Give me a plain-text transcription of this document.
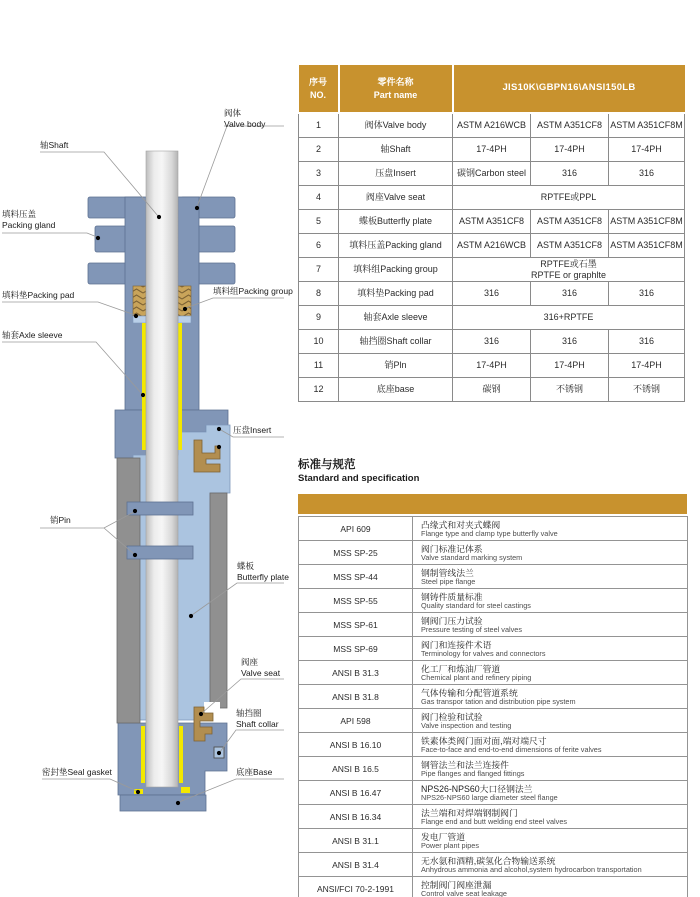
阀体
Valve body
轴Shaft
填料压盖
Packing gland
填料垫Packing pad	填料组Packing group
轴套Axle sleeve
压盘Insert
销Pin
蝶板
Butterfly plate
阀座
Valve seat
轴挡圈
Shaft collar
密封垫Seal gasket	底座Base
序号
NO.

零件名称
Part name
	JIS10K\GBPN16\ANSI150LB
1	阀体Valve body	ASTM A216WCB	ASTM A351CF8	ASTM A351CF8M
2	轴Shaft	17-4PH	17-4PH	17-4PH
3	压盘Insert	碳钢Carbon steel	316	316
4	阀座Valve seat	RPTFE或PPL		

5	蝶板Butterfly plate	ASTM A351CF8	ASTM A351CF8	ASTM A351CF8M
6	填料压盖Packing gland	ASTM A216WCB	ASTM A351CF8	ASTM A351CF8M
7	填料组Packing group	RPTFE或石墨
RPTFE or graphlte		

8	填料垫Packing pad	316	316	316
9	轴套Axle sleeve	316+RPTFE		

10	轴挡圈Shaft collar	316	316	316
11	销Pln	17-4PH	17-4PH	17-4PH
12	底座base	碳钢	不锈钢	不锈钢
标准与规范
Standard and specification
API 609	凸缘式和对夹式蝶阀
Flange type and clamp type butterfly valve

MSS SP-25	阀门标准记体系
Valve standard marking system

MSS SP-44	钢制管线法兰
Steel pipe flange

MSS SP-55	钢铸件质量标准
Quality standard for steel castings

MSS SP-61	钢阀门压力试验
Pressure testing of steel valves

MSS SP-69	阀门和连接件术语
Terminology for valves and connectors

ANSI B 31.3	化工厂和炼油厂管道
Chemical plant and refinery piping

ANSI B 31.8	气体传输和分配管道系统
Gas transpor tation and distribution pipe system

API 598	阀门检验和试验
Valve inspection and testing

ANSI B 16.10	铁素体类阀门面对面,端对端尺寸
Face-to-face and end-to-end dimensions of ferite valves

ANSI B 16.5	钢管法兰和法兰连接件
Pipe flanges and flanged fittings

ANSI B 16.47	NPS26-NPS60大口径钢法兰
NPS26-NPS60 large diameter steel flange

ANSI B 16.34	法兰端和对焊端钢制阀门
Flange end and butt welding end steel valves

ANSI B 31.1	发电厂管道
Power plant pipes

ANSI B 31.4	无水氨和酒精,碳氢化合物输送系统
Anhydrous ammonia and alcohol,system hydrocarbon transportation

ANSI/FCI 70-2-1991	控制阀门阀座泄漏
Control valve seat leakage
